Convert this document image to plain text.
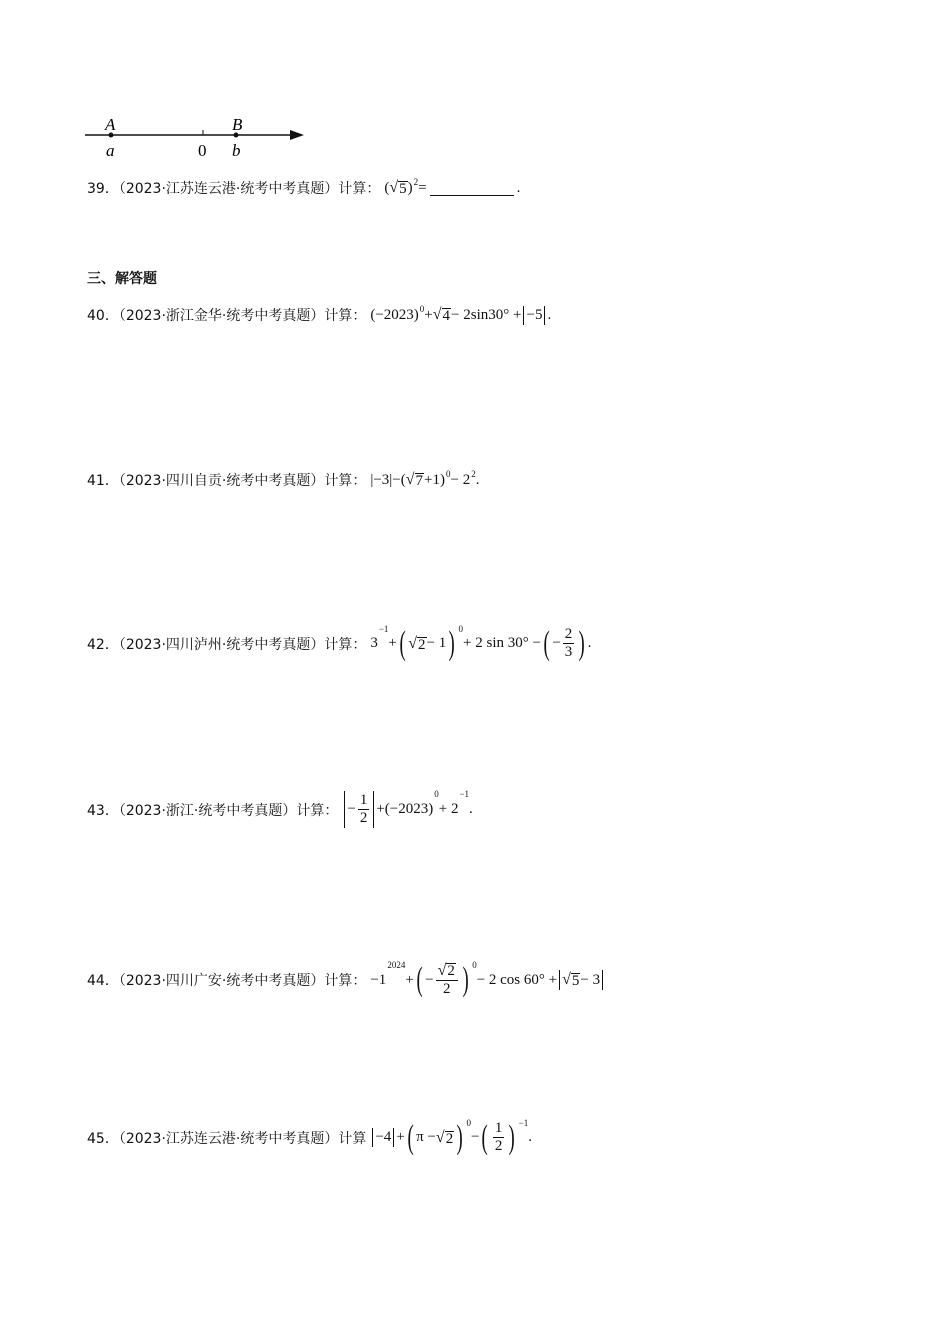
A	B
a	0 b
三、解答题
39．（2023·江苏连云港·统考中考真题）计算： ( √ 5 ) 2 =	.
40．（2023·浙江金华·统考中考真题）计算： (−2023) 0 + √ 4 − 2sin30° + −5 .
41．（2023·四川自贡·统考中考真题）计算： |−3|−( √ 7 +1) 0 − 2 2 .
42．（2023·四川泸州·统考中考真题）计算： 3
−1
+ ( √ 2 − 1 ) 0
+ 2 sin 30° − ( − $\frac{2}{3}$ ) .
43．（2023·浙江·统考中考真题）计算： − $\frac{1}{2} +(-2023)$
0
+ 2
−1
.
44．（2023·四川广安·统考中考真题）计算： −1
2024
+ ( − $\frac{√ 2}{2}$ ) 0
− 2 cos 60° + √ 5 − 3
45．（2023·江苏连云港·统考中考真题）计算 −4 + ( π − √ 2 ) 0
− ( $\frac{1}{2}$ ) −1
.
